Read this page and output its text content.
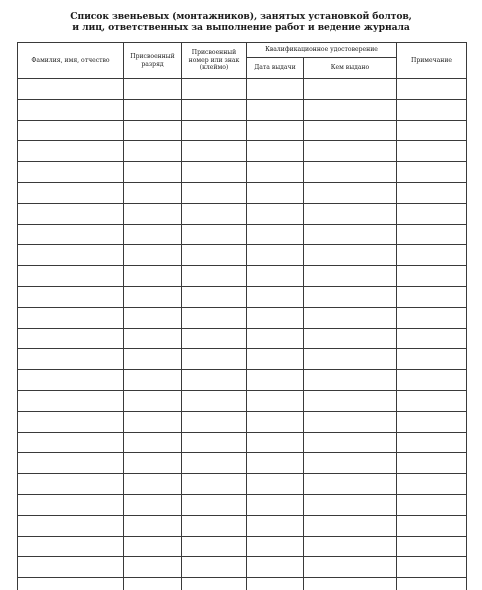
Список звеньевых (монтажников), занятых установкой болтов,
и лиц, ответственных за выполнение работ и ведение журнала
Фамилия, имя, отчество	Присвоенный разряд	Присвоенный номер или знак (клеймо)	Квалификационное удостоверение		Примечание
			Дата выдачи	Кем выдано	
